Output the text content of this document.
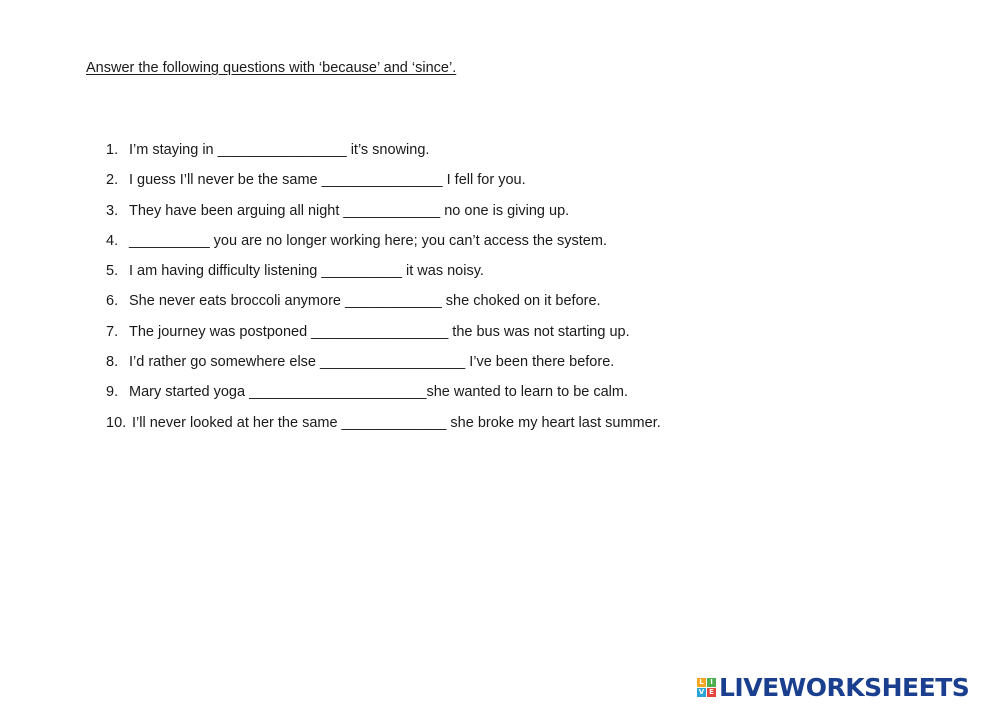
Answer the following questions with ‘because’ and ‘since’.
1. I’m staying in ________________ it’s snowing.
2. I guess I’ll never be the same _______________ I fell for you.
3. They have been arguing all night ____________ no one is giving up.
4. __________ you are no longer working here; you can’t access the system.
5. I am having difficulty listening __________ it was noisy.
6. She never eats broccoli anymore ____________ she choked on it before.
7. The journey was postponed _________________ the bus was not starting up.
8. I’d rather go somewhere else __________________ I’ve been there before.
9. Mary started yoga ______________________she wanted to learn to be calm.
10. I’ll never looked at her the same _____________ she broke my heart last summer.
L I
V E LIVEWORKSHEETS
